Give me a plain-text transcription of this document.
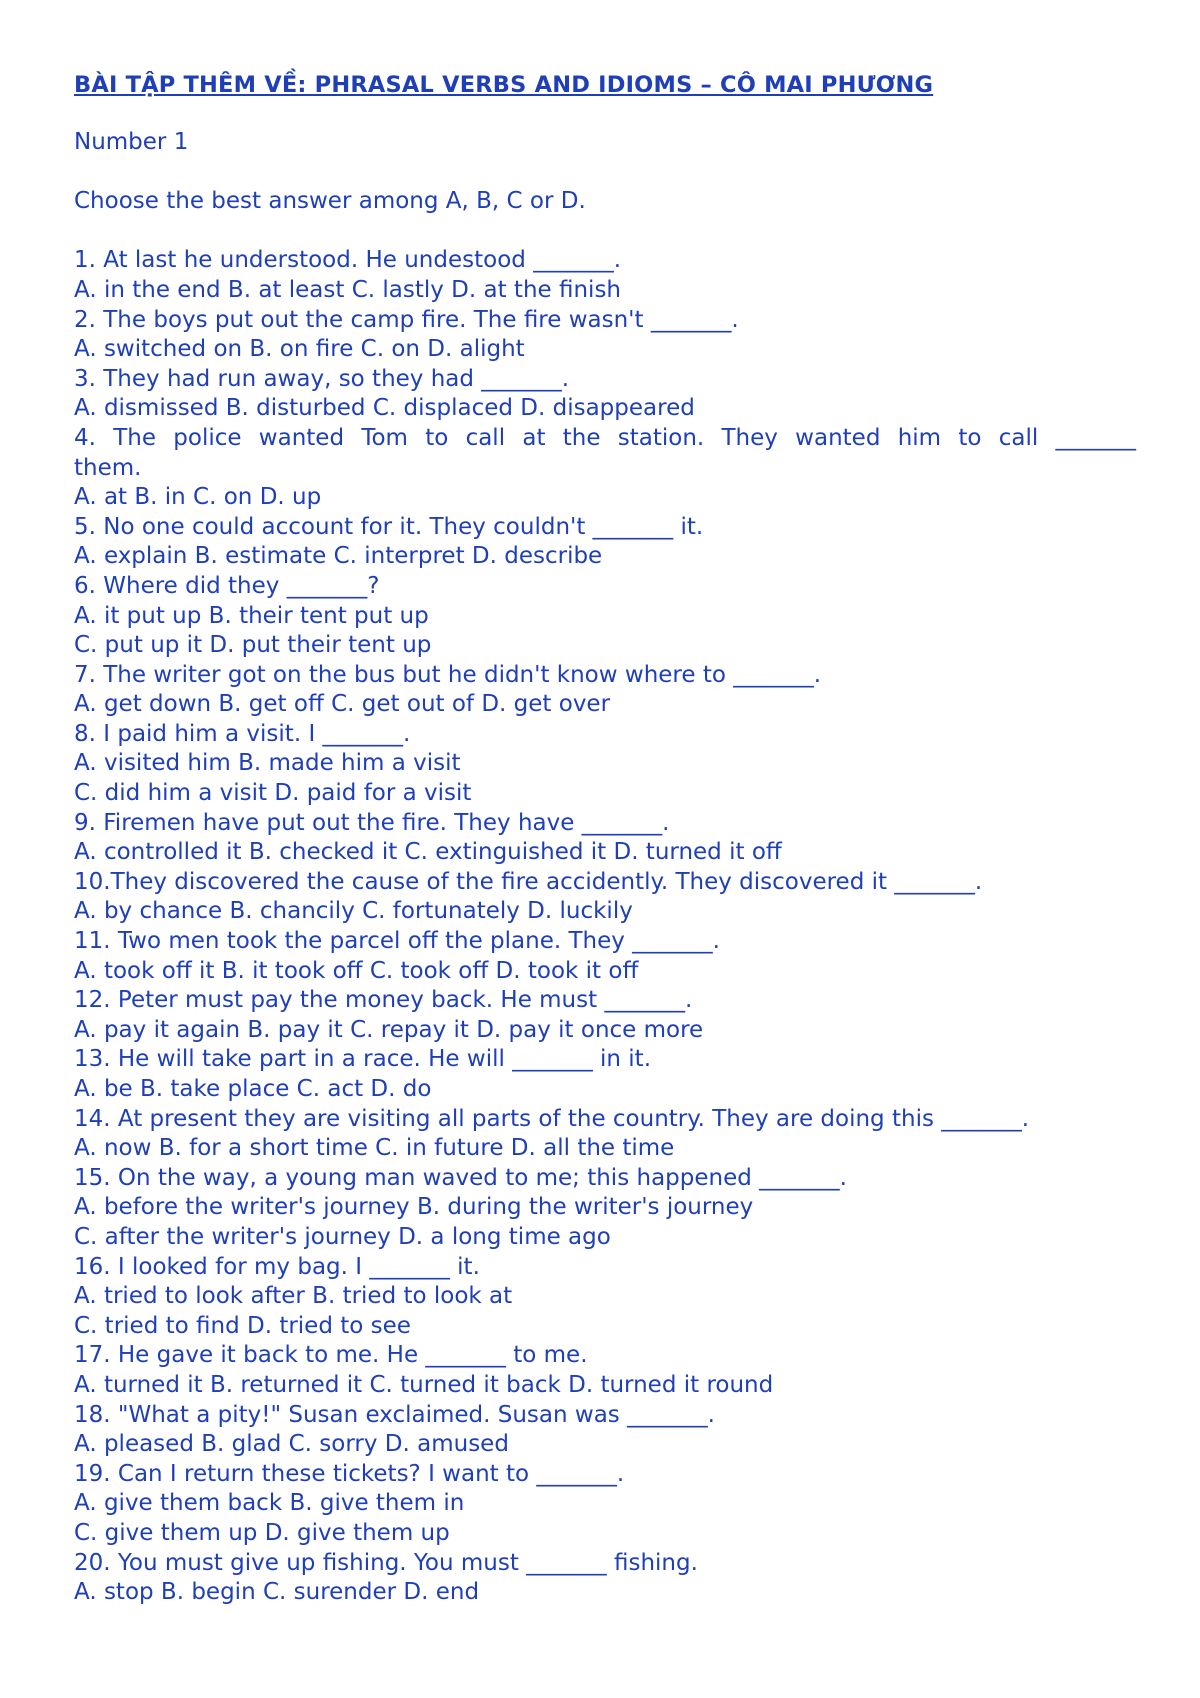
BÀI TẬP THÊM VỀ: PHRASAL VERBS AND IDIOMS – CÔ MAI PHƯƠNG
Number 1
Choose the best answer among A, B, C or D.
1. At last he understood. He undestood _______.
A. in the end B. at least C. lastly D. at the finish
2. The boys put out the camp fire. The fire wasn't _______.
A. switched on B. on fire C. on D. alight
3. They had run away, so they had _______.
A. dismissed B. disturbed C. displaced D. disappeared
4. The police wanted Tom to call at the station. They wanted him to call _______
them.
A. at B. in C. on D. up
5. No one could account for it. They couldn't _______ it.
A. explain B. estimate C. interpret D. describe
6. Where did they _______?
A. it put up B. their tent put up
C. put up it D. put their tent up
7. The writer got on the bus but he didn't know where to _______.
A. get down B. get off C. get out of D. get over
8. I paid him a visit. I _______.
A. visited him B. made him a visit
C. did him a visit D. paid for a visit
9. Firemen have put out the fire. They have _______.
A. controlled it B. checked it C. extinguished it D. turned it off
10.They discovered the cause of the fire accidently. They discovered it _______.
A. by chance B. chancily C. fortunately D. luckily
11. Two men took the parcel off the plane. They _______.
A. took off it B. it took off C. took off D. took it off
12. Peter must pay the money back. He must _______.
A. pay it again B. pay it C. repay it D. pay it once more
13. He will take part in a race. He will _______ in it.
A. be B. take place C. act D. do
14. At present they are visiting all parts of the country. They are doing this _______.
A. now B. for a short time C. in future D. all the time
15. On the way, a young man waved to me; this happened _______.
A. before the writer's journey B. during the writer's journey
C. after the writer's journey D. a long time ago
16. I looked for my bag. I _______ it.
A. tried to look after B. tried to look at
C. tried to find D. tried to see
17. He gave it back to me. He _______ to me.
A. turned it B. returned it C. turned it back D. turned it round
18. "What a pity!" Susan exclaimed. Susan was _______.
A. pleased B. glad C. sorry D. amused
19. Can I return these tickets? I want to _______.
A. give them back B. give them in
C. give them up D. give them up
20. You must give up fishing. You must _______ fishing.
A. stop B. begin C. surender D. end
